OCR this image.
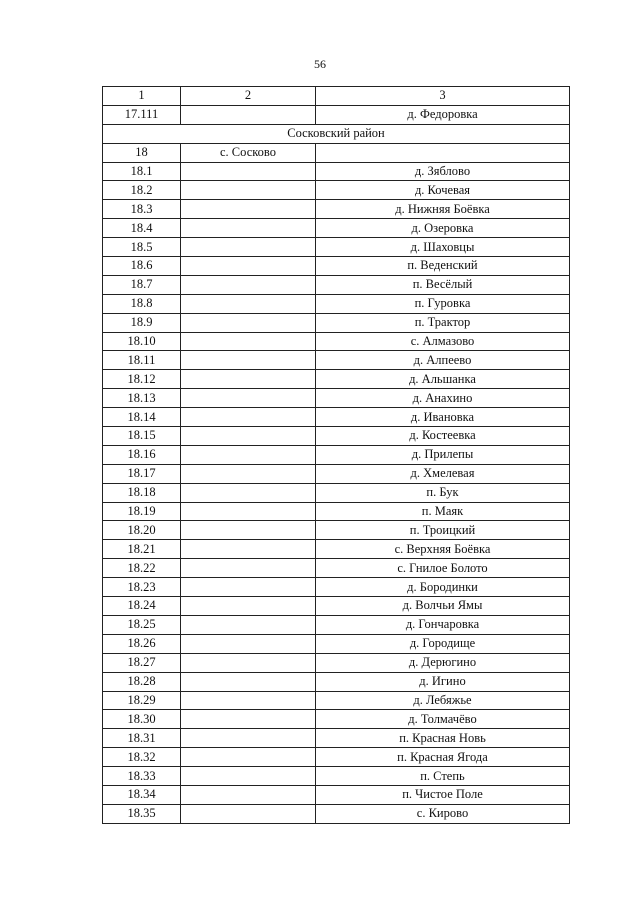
56
1	2	3
17.111		д. Федоровка
Сосковский район		
18	с. Сосково	
18.1		д. Зяблово
18.2		д. Кочевая
18.3		д. Нижняя Боёвка
18.4		д. Озеровка
18.5		д. Шаховцы
18.6		п. Веденский
18.7		п. Весёлый
18.8		п. Гуровка
18.9		п. Трактор
18.10		с. Алмазово
18.11		д. Алпеево
18.12		д. Альшанка
18.13		д. Анахино
18.14		д. Ивановка
18.15		д. Костеевка
18.16		д. Прилепы
18.17		д. Хмелевая
18.18		п. Бук
18.19		п. Маяк
18.20		п. Троицкий
18.21		с. Верхняя Боёвка
18.22		с. Гнилое Болото
18.23		д. Бородинки
18.24		д. Волчьи Ямы
18.25		д. Гончаровка
18.26		д. Городище
18.27		д. Дерюгино
18.28		д. Игино
18.29		д. Лебяжье
18.30		д. Толмачёво
18.31		п. Красная Новь
18.32		п. Красная Ягода
18.33		п. Степь
18.34		п. Чистое Поле
18.35		с. Кирово
